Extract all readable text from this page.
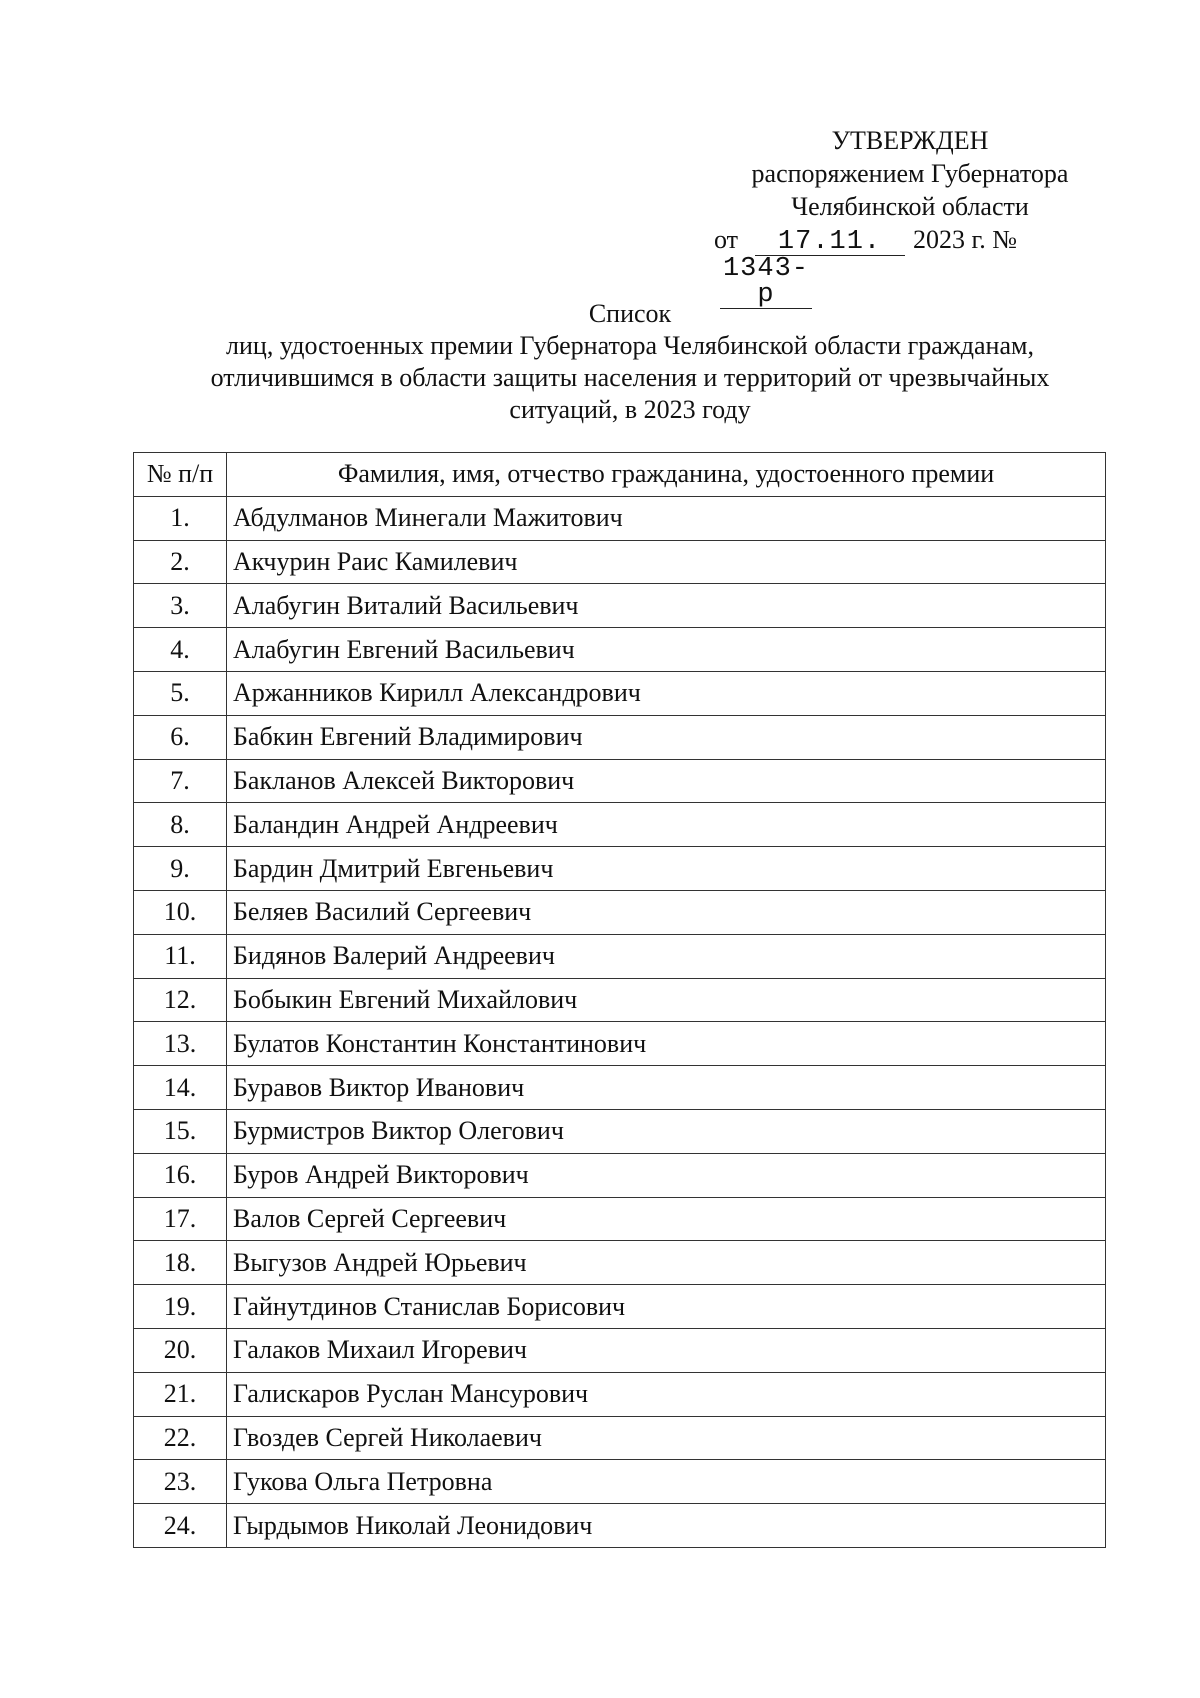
УТВЕРЖДЕН
распоряжением Губернатора
Челябинской области
от 17.11. 2023 г. № 1343-р
Список
лиц, удостоенных премии Губернатора Челябинской области гражданам,
отличившимся в области защиты населения и территорий от чрезвычайных
ситуаций, в 2023 году
№ п/п	Фамилия, имя, отчество гражданина, удостоенного премии
1.	Абдулманов Минегали Мажитович
2.	Акчурин Раис Камилевич
3.	Алабугин Виталий Васильевич
4.	Алабугин Евгений Васильевич
5.	Аржанников Кирилл Александрович
6.	Бабкин Евгений Владимирович
7.	Бакланов Алексей Викторович
8.	Баландин Андрей Андреевич
9.	Бардин Дмитрий Евгеньевич
10.	Беляев Василий Сергеевич
11.	Бидянов Валерий Андреевич
12.	Бобыкин Евгений Михайлович
13.	Булатов Константин Константинович
14.	Буравов Виктор Иванович
15.	Бурмистров Виктор Олегович
16.	Буров Андрей Викторович
17.	Валов Сергей Сергеевич
18.	Выгузов Андрей Юрьевич
19.	Гайнутдинов Станислав Борисович
20.	Галаков Михаил Игоревич
21.	Галискаров Руслан Мансурович
22.	Гвоздев Сергей Николаевич
23.	Гукова Ольга Петровна
24.	Гырдымов Николай Леонидович
